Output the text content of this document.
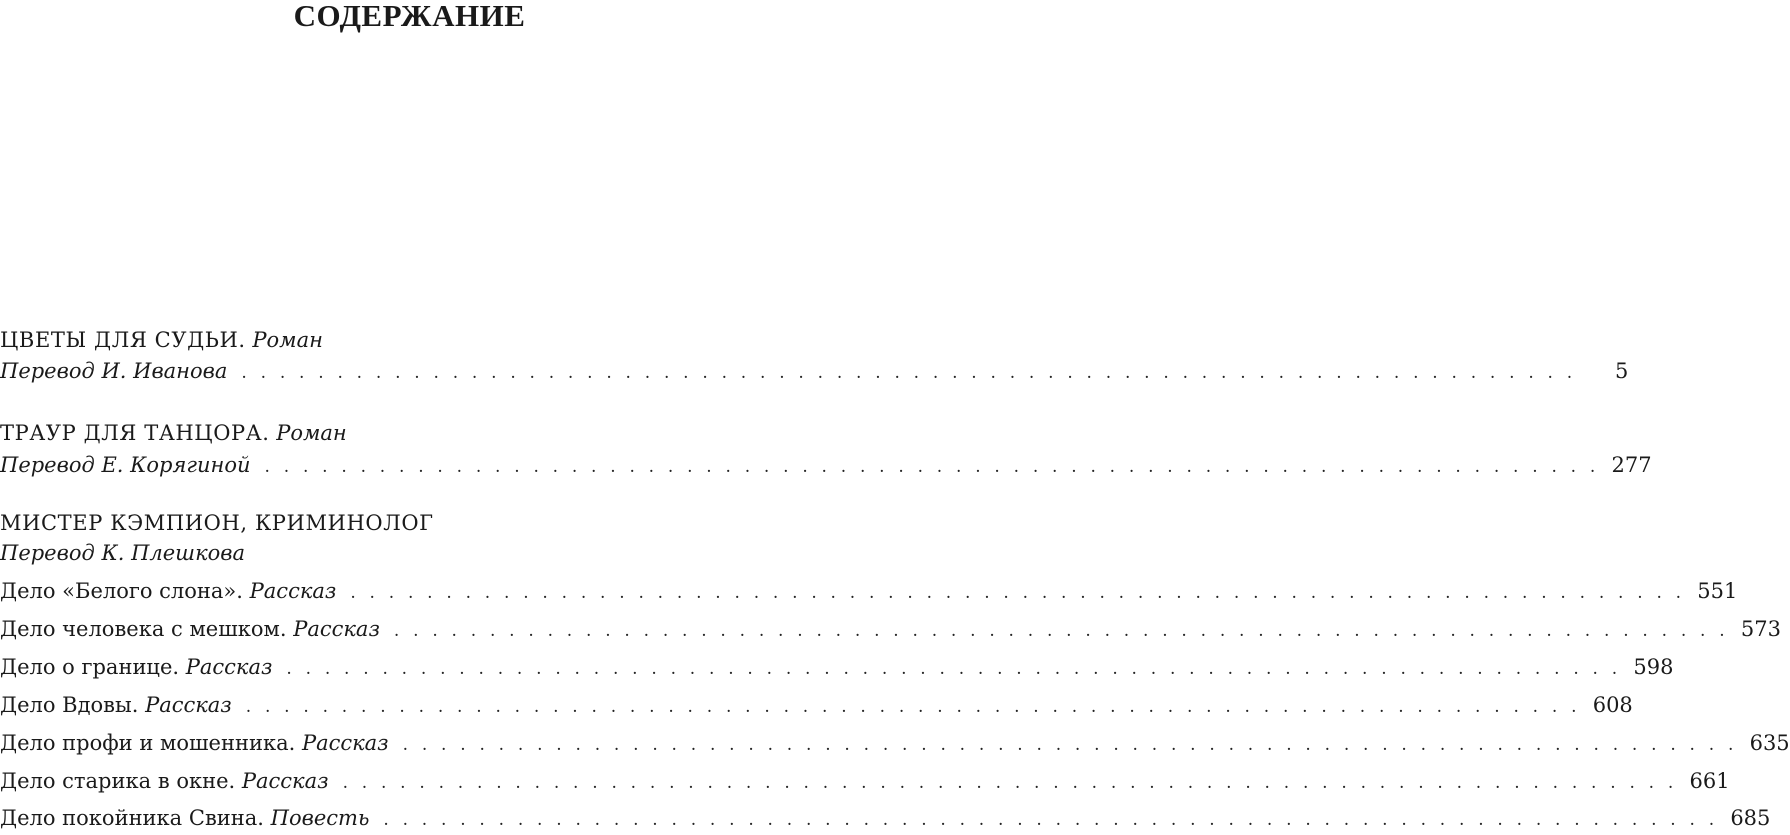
СОДЕРЖАНИЕ
ЦВЕТЫ ДЛЯ СУДЬИ. Роман
Перевод И. Иванова . . . . . . . . . . . . . . . . . . . . . . . . . . . . . . . . . . . . . . . . . . . . . . . . . . . . . . . . . . . . . . . . . . . . . .	5
ТРАУР ДЛЯ ТАНЦОРА. Роман
Перевод Е. Корягиной . . . . . . . . . . . . . . . . . . . . . . . . . . . . . . . . . . . . . . . . . . . . . . . . . . . . . . . . . . . . . . . . . . . . . . 277
МИСТЕР КЭМПИОН, КРИМИНОЛОГ
Перевод К. Плешкова
Дело «Белого слона». Рассказ . . . . . . . . . . . . . . . . . . . . . . . . . . . . . . . . . . . . . . . . . . . . . . . . . . . . . . . . . . . . . . . . . . . . . . 551
Дело человека с мешком. Рассказ . . . . . . . . . . . . . . . . . . . . . . . . . . . . . . . . . . . . . . . . . . . . . . . . . . . . . . . . . . . . . . . . . . . . . . 573
Дело о границе. Рассказ . . . . . . . . . . . . . . . . . . . . . . . . . . . . . . . . . . . . . . . . . . . . . . . . . . . . . . . . . . . . . . . . . . . . . . 598
Дело Вдовы. Рассказ . . . . . . . . . . . . . . . . . . . . . . . . . . . . . . . . . . . . . . . . . . . . . . . . . . . . . . . . . . . . . . . . . . . . . . 608
Дело профи и мошенника. Рассказ . . . . . . . . . . . . . . . . . . . . . . . . . . . . . . . . . . . . . . . . . . . . . . . . . . . . . . . . . . . . . . . . . . . . . . 635
Дело старика в окне. Рассказ . . . . . . . . . . . . . . . . . . . . . . . . . . . . . . . . . . . . . . . . . . . . . . . . . . . . . . . . . . . . . . . . . . . . . . 661
Дело покойника Свина. Повесть . . . . . . . . . . . . . . . . . . . . . . . . . . . . . . . . . . . . . . . . . . . . . . . . . . . . . . . . . . . . . . . . . . . . . . 685
